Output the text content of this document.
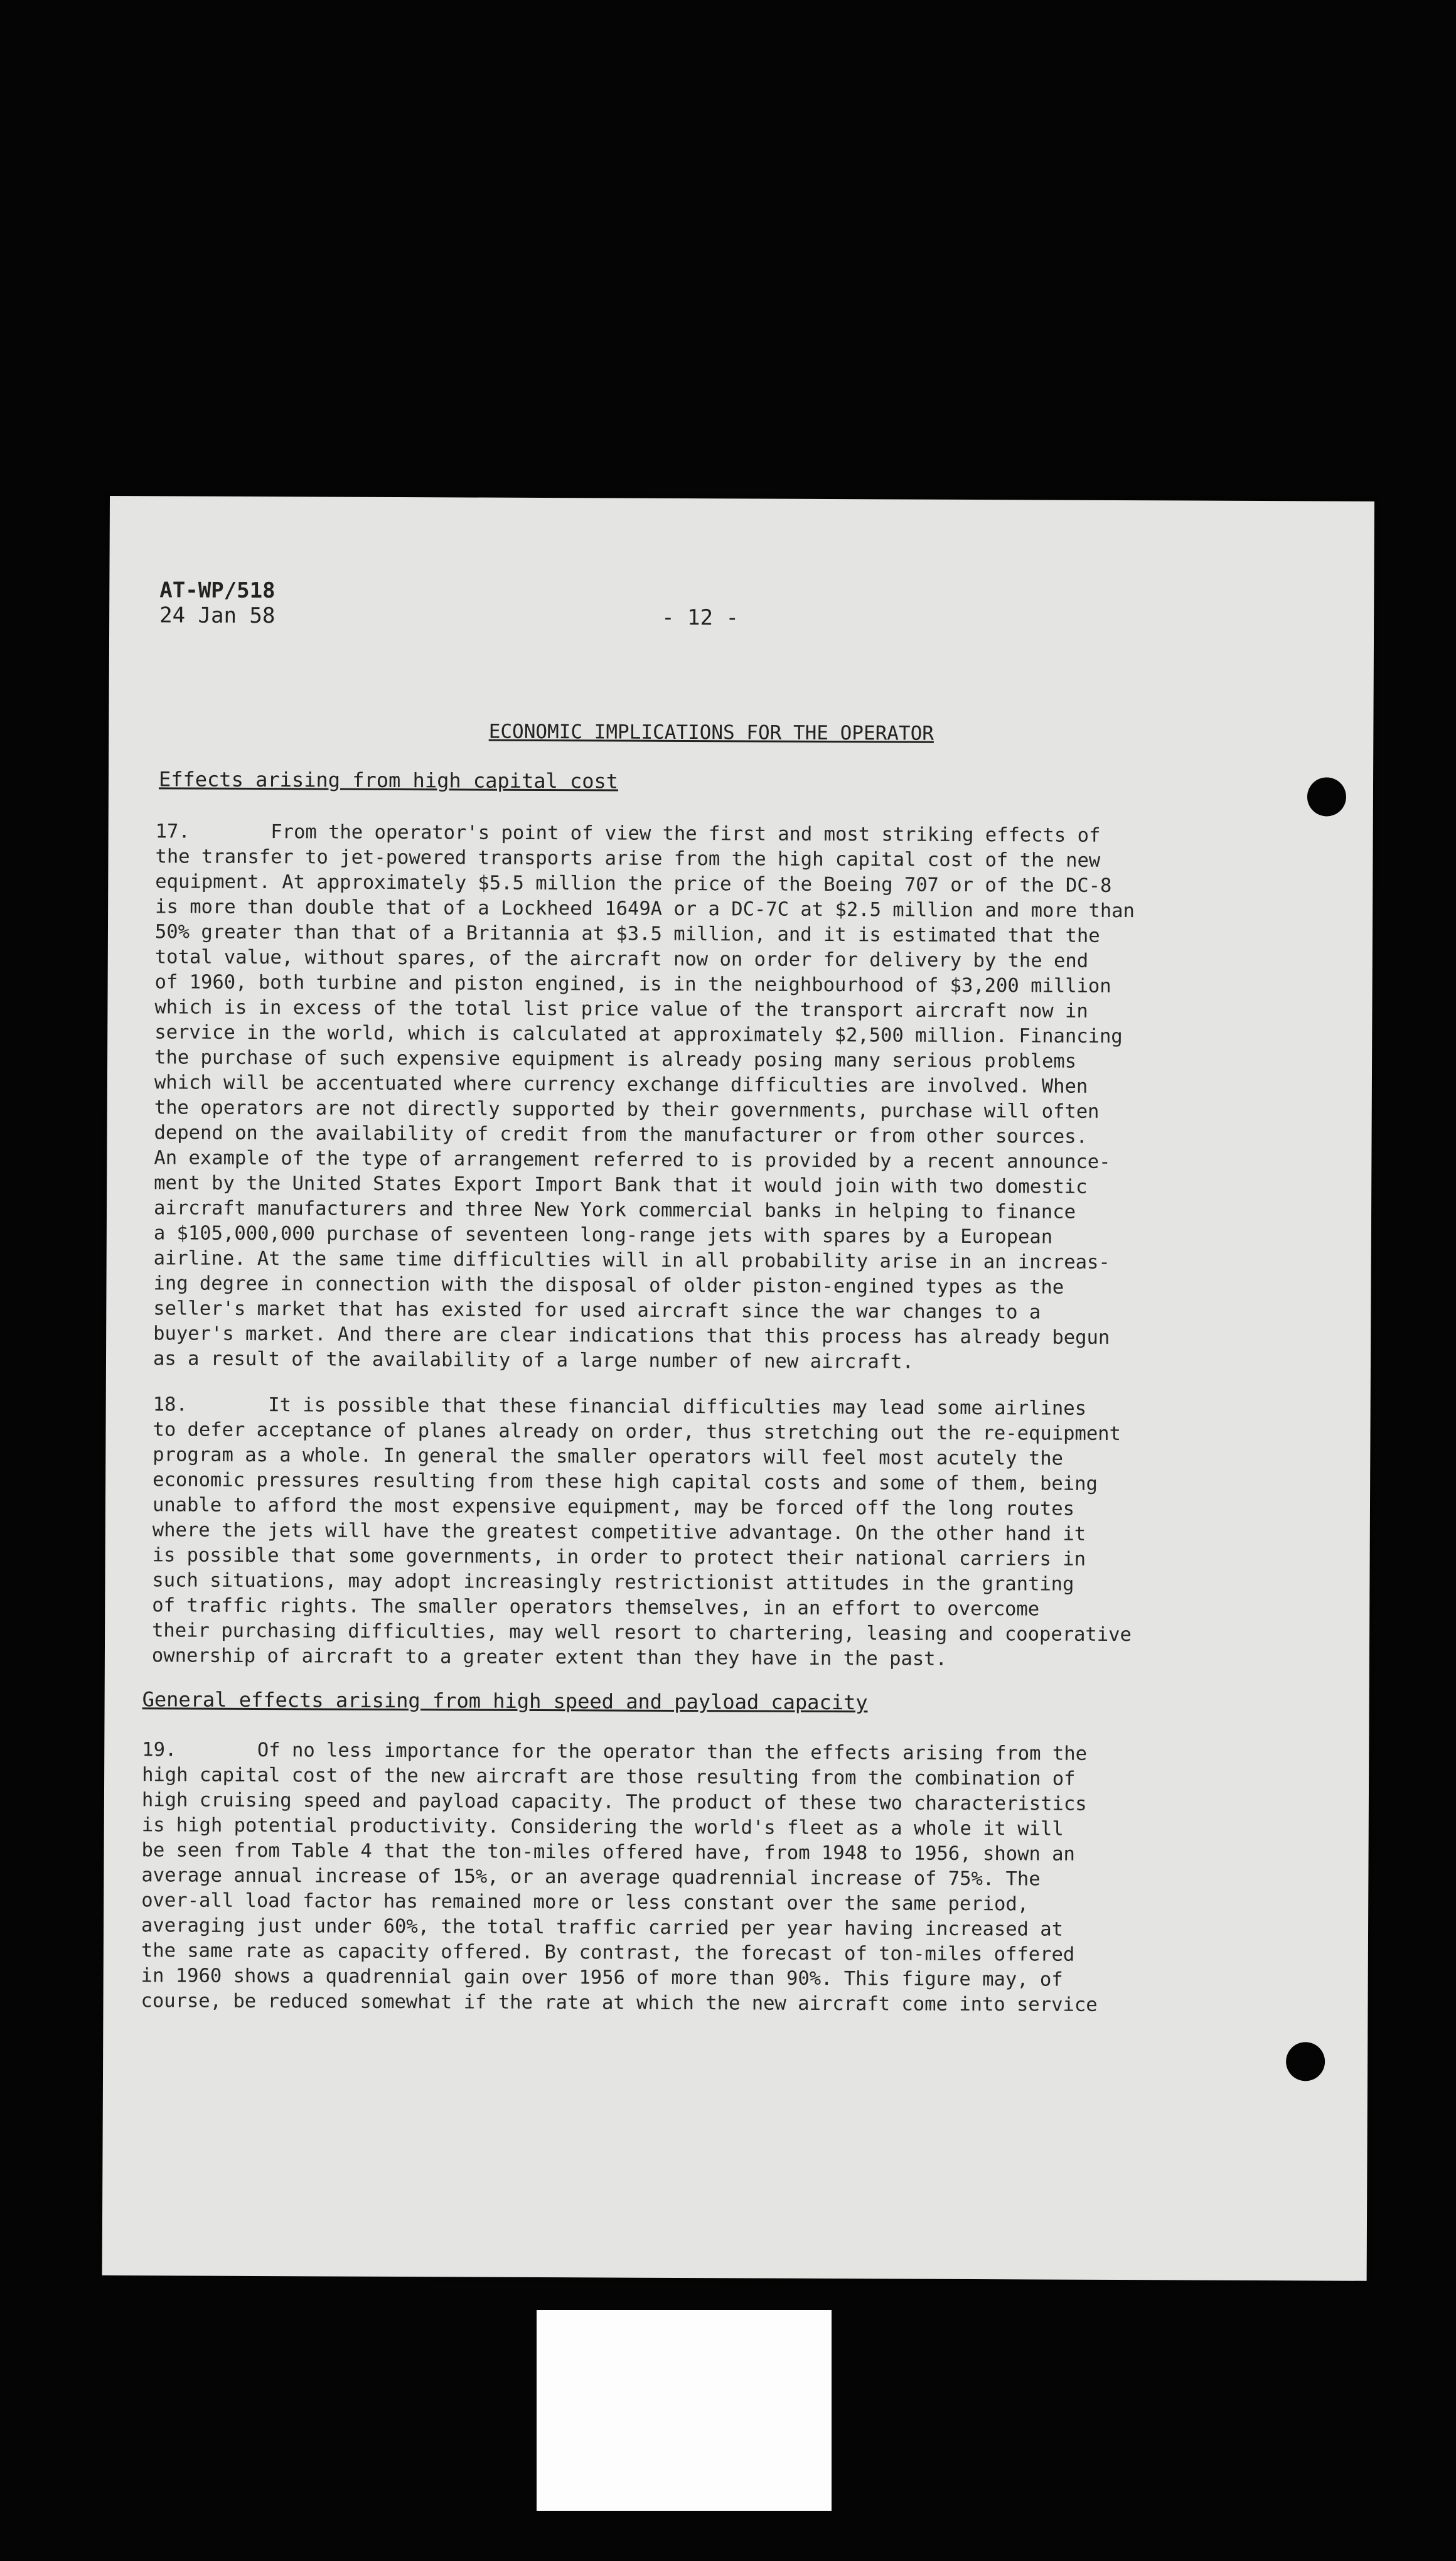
AT-WP/518
24 Jan 58	- 12 -
ECONOMIC IMPLICATIONS FOR THE OPERATOR
Effects arising from high capital cost
17.       From the operator's point of view the first and most striking effects of
the transfer to jet-powered transports arise from the high capital cost of the new
equipment. At approximately $5.5 million the price of the Boeing 707 or of the DC-8
is more than double that of a Lockheed 1649A or a DC-7C at $2.5 million and more than
50% greater than that of a Britannia at $3.5 million, and it is estimated that the
total value, without spares, of the aircraft now on order for delivery by the end
of 1960, both turbine and piston engined, is in the neighbourhood of $3,200 million
which is in excess of the total list price value of the transport aircraft now in
service in the world, which is calculated at approximately $2,500 million. Financing
the purchase of such expensive equipment is already posing many serious problems
which will be accentuated where currency exchange difficulties are involved. When
the operators are not directly supported by their governments, purchase will often
depend on the availability of credit from the manufacturer or from other sources.
An example of the type of arrangement referred to is provided by a recent announce-
ment by the United States Export Import Bank that it would join with two domestic
aircraft manufacturers and three New York commercial banks in helping to finance
a $105,000,000 purchase of seventeen long-range jets with spares by a European
airline. At the same time difficulties will in all probability arise in an increas-
ing degree in connection with the disposal of older piston-engined types as the
seller's market that has existed for used aircraft since the war changes to a
buyer's market. And there are clear indications that this process has already begun
as a result of the availability of a large number of new aircraft.
18.       It is possible that these financial difficulties may lead some airlines
to defer acceptance of planes already on order, thus stretching out the re-equipment
program as a whole. In general the smaller operators will feel most acutely the
economic pressures resulting from these high capital costs and some of them, being
unable to afford the most expensive equipment, may be forced off the long routes
where the jets will have the greatest competitive advantage. On the other hand it
is possible that some governments, in order to protect their national carriers in
such situations, may adopt increasingly restrictionist attitudes in the granting
of traffic rights. The smaller operators themselves, in an effort to overcome
their purchasing difficulties, may well resort to chartering, leasing and cooperative
ownership of aircraft to a greater extent than they have in the past.
General effects arising from high speed and payload capacity
19.       Of no less importance for the operator than the effects arising from the
high capital cost of the new aircraft are those resulting from the combination of
high cruising speed and payload capacity. The product of these two characteristics
is high potential productivity. Considering the world's fleet as a whole it will
be seen from Table 4 that the ton-miles offered have, from 1948 to 1956, shown an
average annual increase of 15%, or an average quadrennial increase of 75%. The
over-all load factor has remained more or less constant over the same period,
averaging just under 60%, the total traffic carried per year having increased at
the same rate as capacity offered. By contrast, the forecast of ton-miles offered
in 1960 shows a quadrennial gain over 1956 of more than 90%. This figure may, of
course, be reduced somewhat if the rate at which the new aircraft come into service
